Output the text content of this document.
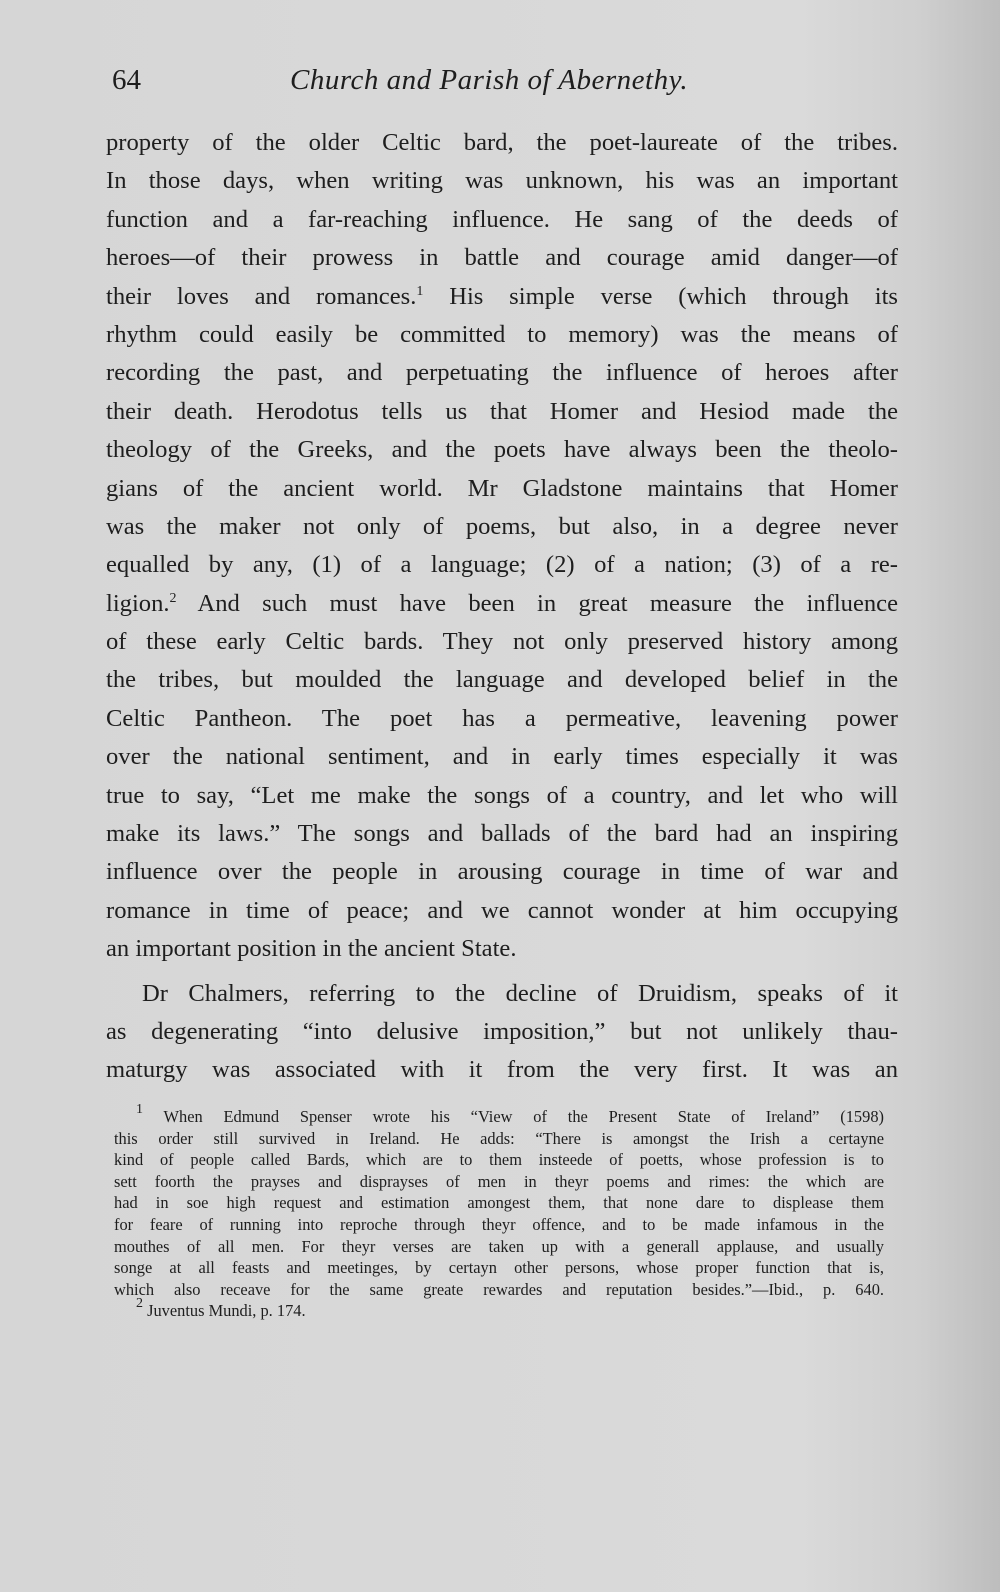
64	Church and Parish of Abernethy.
property of the older Celtic bard, the poet-laureate of the tribes.
In those days, when writing was unknown, his was an important
function and a far-reaching influence. He sang of the deeds of
heroes—of their prowess in battle and courage amid danger—of
their loves and romances.$^1$ His simple verse (which through its
rhythm could easily be committed to memory) was the means of
recording the past, and perpetuating the influence of heroes after
their death. Herodotus tells us that Homer and Hesiod made the
theology of the Greeks, and the poets have always been the theolo-
gians of the ancient world. Mr Gladstone maintains that Homer
was the maker not only of poems, but also, in a degree never
equalled by any, (1) of a language; (2) of a nation; (3) of a re-
ligion.$^2$ And such must have been in great measure the influence
of these early Celtic bards. They not only preserved history among
the tribes, but moulded the language and developed belief in the
Celtic Pantheon. The poet has a permeative, leavening power
over the national sentiment, and in early times especially it was
true to say, “Let me make the songs of a country, and let who will
make its laws.” The songs and ballads of the bard had an inspiring
influence over the people in arousing courage in time of war and
romance in time of peace; and we cannot wonder at him occupying
an important position in the ancient State.
Dr Chalmers, referring to the decline of Druidism, speaks of it
as degenerating “into delusive imposition,” but not unlikely thau-
maturgy was associated with it from the very first. It was an
$^1$ When Edmund Spenser wrote his “View of the Present State of Ireland” (1598)
this order still survived in Ireland. He adds: “There is amongst the Irish a certayne
kind of people called Bards, which are to them insteede of poetts, whose profession is to
sett foorth the prayses and disprayses of men in theyr poems and rimes: the which are
had in soe high request and estimation amongest them, that none dare to displease them
for feare of running into reproche through theyr offence, and to be made infamous in the
mouthes of all men. For theyr verses are taken up with a generall applause, and usually
songe at all feasts and meetinges, by certayn other persons, whose proper function that is,
which also receave for the same greate rewardes and reputation besides.”—Ibid., p. 640.
$^2$ Juventus Mundi, p. 174.
